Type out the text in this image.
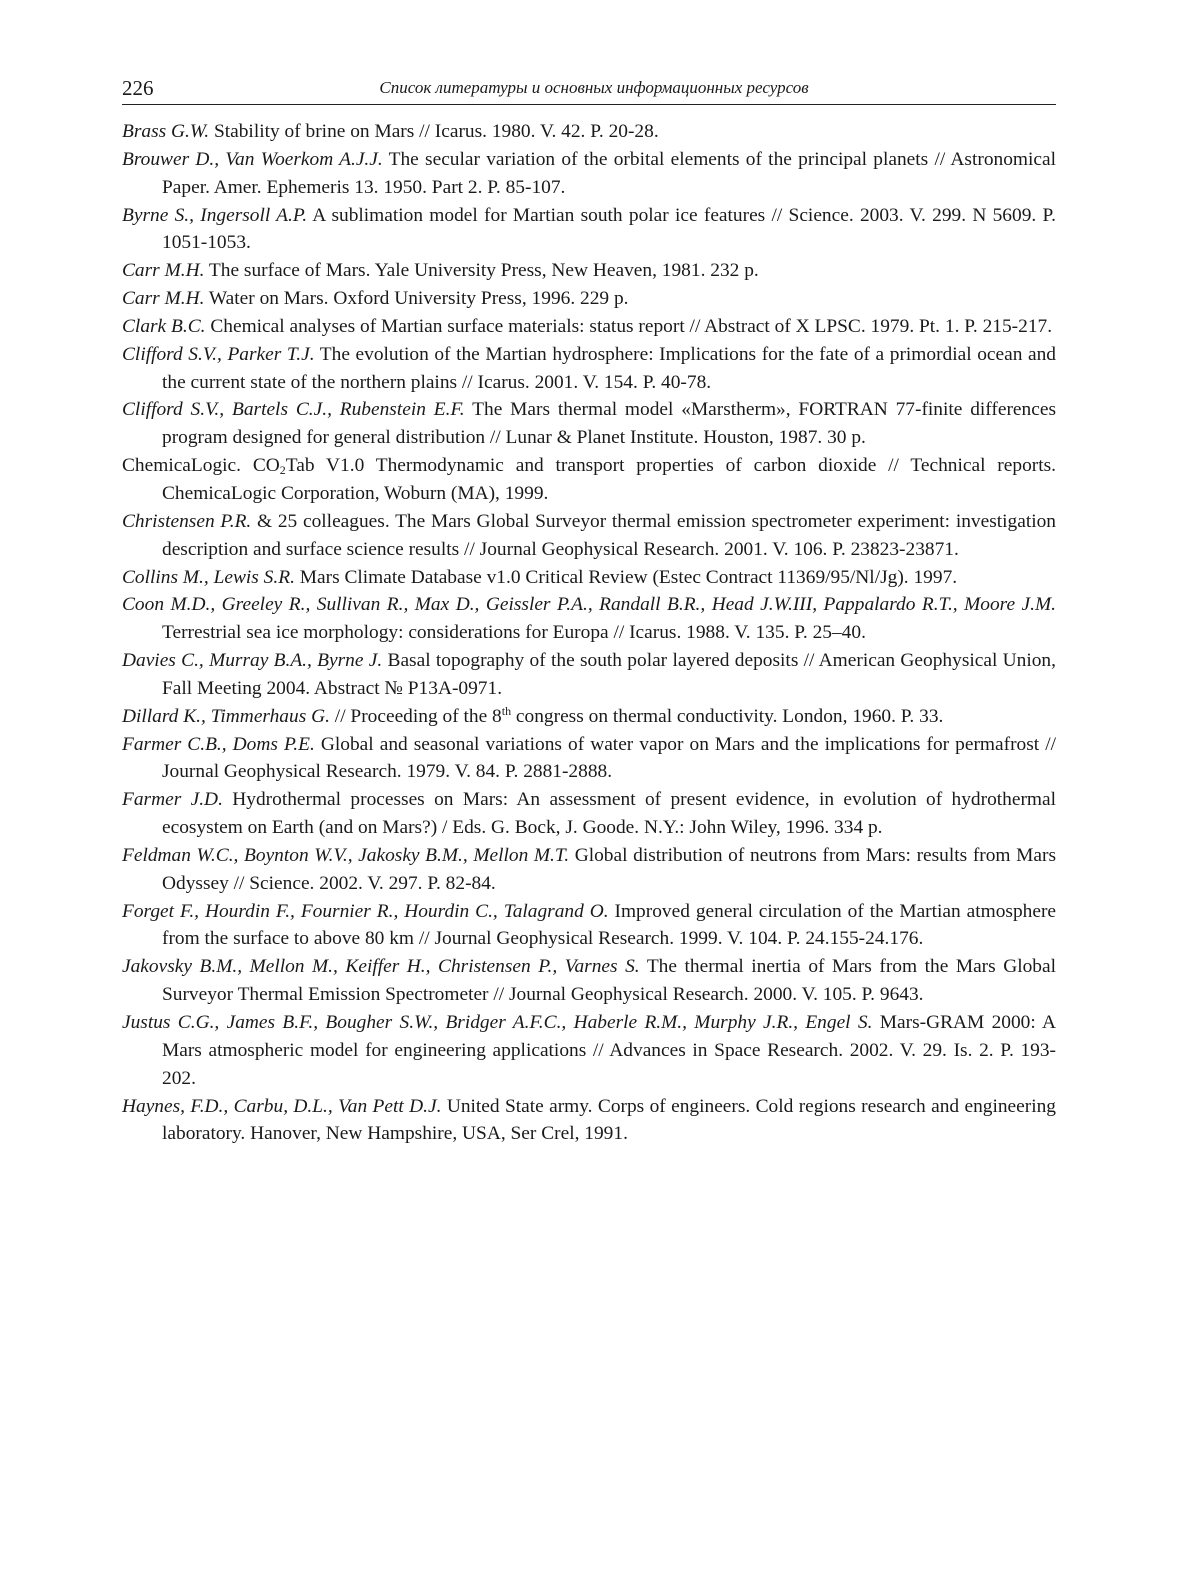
226	Список литературы и основных информационных ресурсов

Brass G.W. Stability of brine on Mars // Icarus. 1980. V. 42. P. 20-28.

Brouwer D., Van Woerkom A.J.J. The secular variation of the orbital elements of the principal planets // Astronomical Paper. Amer. Ephemeris 13. 1950. Part 2. P. 85-107.

Byrne S., Ingersoll A.P. A sublimation model for Martian south polar ice features // Science. 2003. V. 299. N 5609. P. 1051-1053.

Carr M.H. The surface of Mars. Yale University Press, New Heaven, 1981. 232 p.

Carr M.H. Water on Mars. Oxford University Press, 1996. 229 p.

Clark B.C. Chemical analyses of Martian surface materials: status report // Abstract of X LPSC. 1979. Pt. 1. P. 215-217.

Clifford S.V., Parker T.J. The evolution of the Martian hydrosphere: Implications for the fate of a primordial ocean and the current state of the northern plains // Icarus. 2001. V. 154. P. 40-78.

Clifford S.V., Bartels C.J., Rubenstein E.F. The Mars thermal model «Marstherm», FORTRAN 77-finite differences program designed for general distribution // Lunar & Planet Institute. Houston, 1987. 30 p.

ChemicaLogic. $CO_2Tab$ V1.0 Thermodynamic and transport properties of carbon dioxide // Technical reports. ChemicaLogic Corporation, Woburn (MA), 1999.

Christensen P.R. & 25 colleagues. The Mars Global Surveyor thermal emission spectrometer experiment: investigation description and surface science results // Journal Geophysical Research. 2001. V. 106. P. 23823-23871.

Collins M., Lewis S.R. Mars Climate Database v1.0 Critical Review (Estec Contract 11369/95/Nl/Jg). 1997.

Coon M.D., Greeley R., Sullivan R., Max D., Geissler P.A., Randall B.R., Head J.W.III, Pappalardo R.T., Moore J.M. Terrestrial sea ice morphology: considerations for Europa // Icarus. 1988. V. 135. P. 25–40.

Davies C., Murray B.A., Byrne J. Basal topography of the south polar layered deposits // American Geophysical Union, Fall Meeting 2004. Abstract № P13A-0971.

Dillard K., Timmerhaus G. // Proceeding of the 8th congress on thermal conductivity. London, 1960. P. 33.

Farmer C.B., Doms P.E. Global and seasonal variations of water vapor on Mars and the implications for permafrost // Journal Geophysical Research. 1979. V. 84. P. 2881-2888.

Farmer J.D. Hydrothermal processes on Mars: An assessment of present evidence, in evolution of hydrothermal ecosystem on Earth (and on Mars?) / Eds. G. Bock, J. Goode. N.Y.: John Wiley, 1996. 334 p.

Feldman W.C., Boynton W.V., Jakosky B.M., Mellon M.T. Global distribution of neutrons from Mars: results from Mars Odyssey // Science. 2002. V. 297. P. 82-84.

Forget F., Hourdin F., Fournier R., Hourdin C., Talagrand O. Improved general circulation of the Martian atmosphere from the surface to above 80 km // Journal Geophysical Research. 1999. V. 104. P. 24.155-24.176.

Jakovsky B.M., Mellon M., Keiffer H., Christensen P., Varnes S. The thermal inertia of Mars from the Mars Global Surveyor Thermal Emission Spectrometer // Journal Geophysical Research. 2000. V. 105. P. 9643.

Justus C.G., James B.F., Bougher S.W., Bridger A.F.C., Haberle R.M., Murphy J.R., Engel S. Mars-GRAM 2000: A Mars atmospheric model for engineering applications // Advances in Space Research. 2002. V. 29. Is. 2. P. 193-202.

Haynes, F.D., Carbu, D.L., Van Pett D.J. United State army. Corps of engineers. Cold regions research and engineering laboratory. Hanover, New Hampshire, USA, Ser Crel, 1991.
